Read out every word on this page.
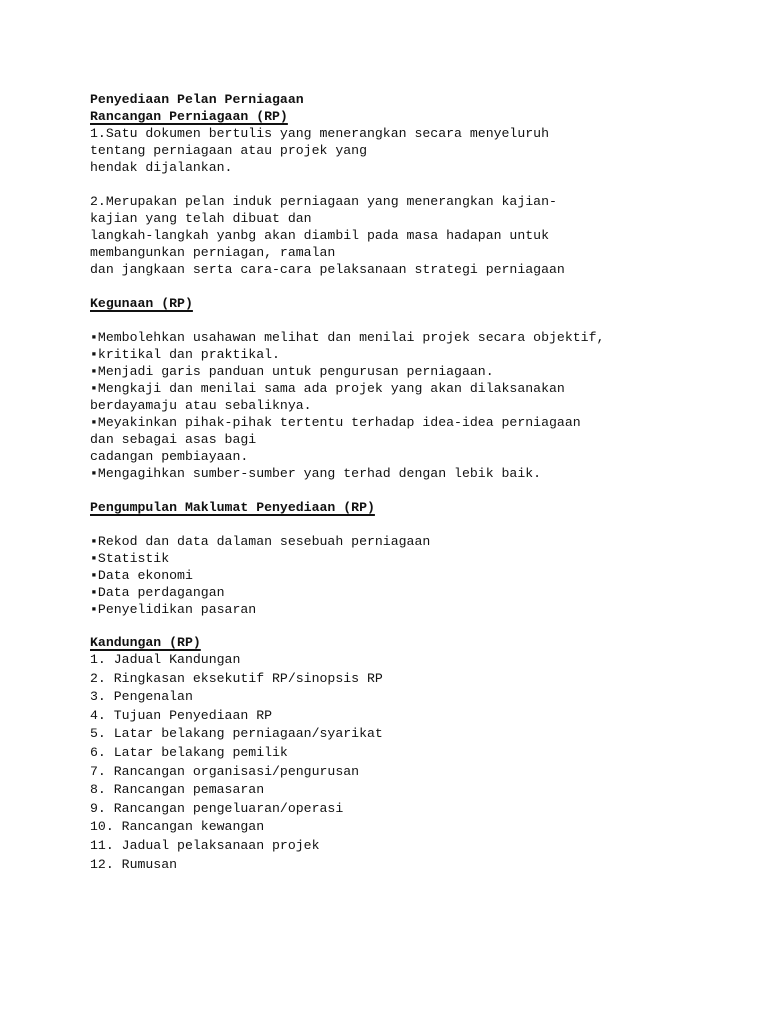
Penyediaan Pelan Perniagaan
Rancangan Perniagaan (RP)
1.Satu dokumen bertulis yang menerangkan secara menyeluruh
tentang perniagaan atau projek yang
hendak dijalankan.
2.Merupakan pelan induk perniagaan yang menerangkan kajian-
kajian yang telah dibuat dan
langkah-langkah yanbg akan diambil pada masa hadapan untuk
membangunkan perniagan, ramalan
dan jangkaan serta cara-cara pelaksanaan strategi perniagaan
Kegunaan (RP)
▪Membolehkan usahawan melihat dan menilai projek secara objektif,
▪kritikal dan praktikal.
▪Menjadi garis panduan untuk pengurusan perniagaan.
▪Mengkaji dan menilai sama ada projek yang akan dilaksanakan
berdayamaju atau sebaliknya.
▪Meyakinkan pihak-pihak tertentu terhadap idea-idea perniagaan
dan sebagai asas bagi
cadangan pembiayaan.
▪Mengagihkan sumber-sumber yang terhad dengan lebik baik.
Pengumpulan Maklumat Penyediaan (RP)
▪Rekod dan data dalaman sesebuah perniagaan
▪Statistik
▪Data ekonomi
▪Data perdagangan
▪Penyelidikan pasaran
Kandungan (RP)
1. Jadual Kandungan
2. Ringkasan eksekutif RP/sinopsis RP
3. Pengenalan
4. Tujuan Penyediaan RP
5. Latar belakang perniagaan/syarikat
6. Latar belakang pemilik
7. Rancangan organisasi/pengurusan
8. Rancangan pemasaran
9. Rancangan pengeluaran/operasi
10. Rancangan kewangan
11. Jadual pelaksanaan projek
12. Rumusan
